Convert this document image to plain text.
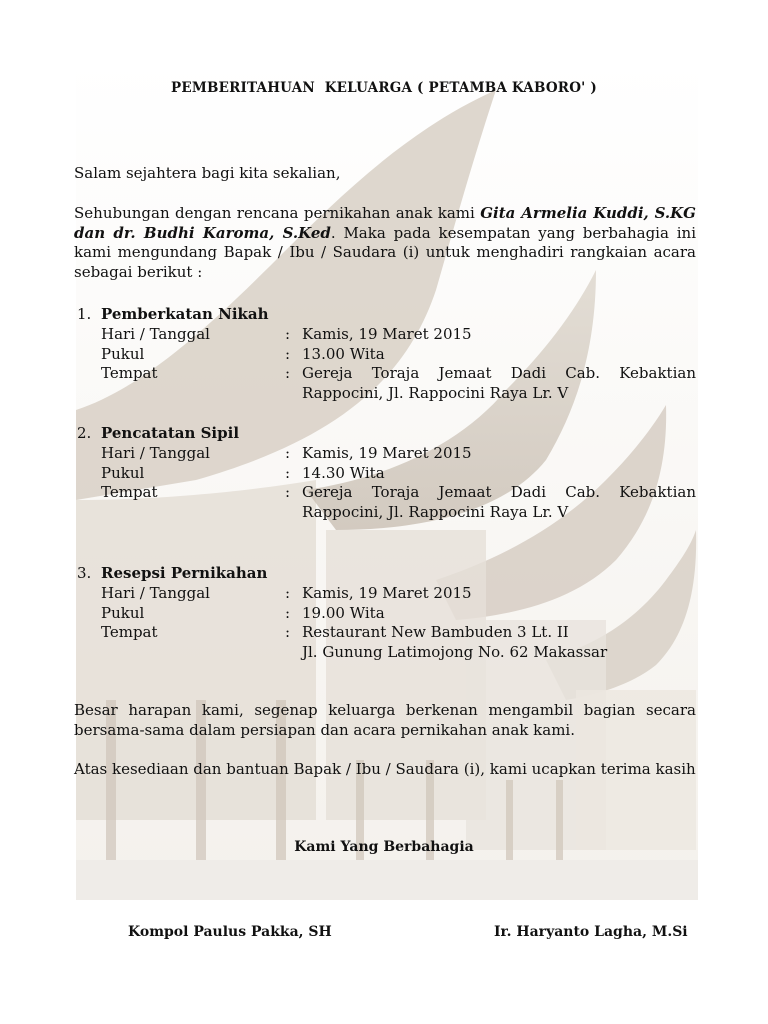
PEMBERITAHUAN  KELUARGA ( PETAMBA KABORO' )
Salam sejahtera bagi kita sekalian,
Sehubungan dengan rencana pernikahan anak kami Gita Armelia Kuddi, S.KG dan dr. Budhi Karoma, S.Ked. Maka pada kesempatan yang berbahagia ini kami mengundang Bapak / Ibu / Saudara (i) untuk menghadiri rangkaian acara sebagai berikut :
1. Pemberkatan Nikah
Hari / Tanggal	: Kamis, 19 Maret 2015
Pukul	: 13.00 Wita
Tempat	: Gereja Toraja Jemaat Dadi Cab. Kebaktian
Rappocini, Jl. Rappocini Raya Lr. V
2. Pencatatan Sipil
Hari / Tanggal	: Kamis, 19 Maret 2015
Pukul	: 14.30 Wita
Tempat	: Gereja Toraja Jemaat Dadi Cab. Kebaktian
Rappocini, Jl. Rappocini Raya Lr. V
3. Resepsi Pernikahan
Hari / Tanggal	: Kamis, 19 Maret 2015
Pukul	: 19.00 Wita
Tempat	: Restaurant New Bambuden 3 Lt. II
Jl. Gunung Latimojong No. 62 Makassar
Besar harapan kami, segenap keluarga berkenan mengambil bagian secara bersama-sama dalam persiapan dan acara pernikahan anak kami.
Atas kesediaan dan bantuan Bapak / Ibu / Saudara (i), kami ucapkan terima kasih
Kami Yang Berbahagia
Kompol Paulus Pakka, SH	Ir. Haryanto Lagha, M.Si
